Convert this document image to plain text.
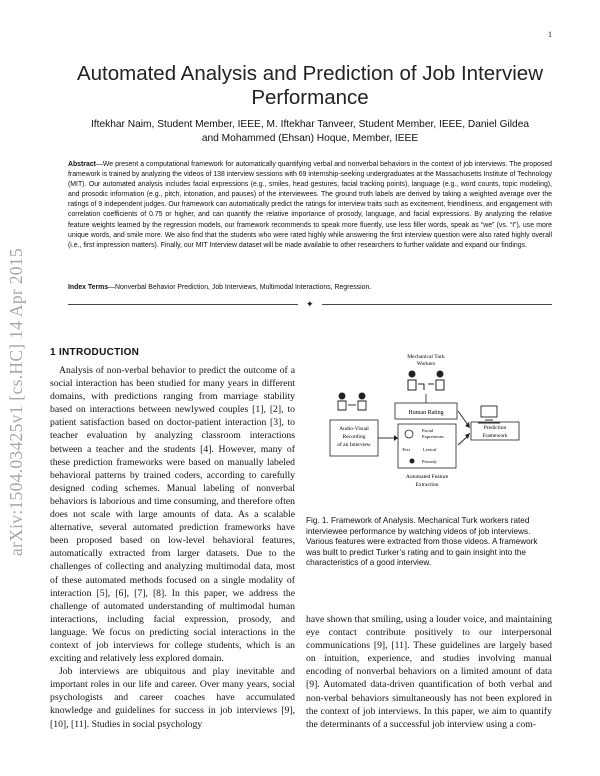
1
arXiv:1504.03425v1 [cs.HC] 14 Apr 2015
Automated Analysis and Prediction of Job Interview Performance
Iftekhar Naim, Student Member, IEEE, M. Iftekhar Tanveer, Student Member, IEEE, Daniel Gildea
and Mohammed (Ehsan) Hoque, Member, IEEE
Abstract—We present a computational framework for automatically quantifying verbal and nonverbal behaviors in the context of job interviews. The proposed framework is trained by analyzing the videos of 138 interview sessions with 69 internship-seeking undergraduates at the Massachusetts Institute of Technology (MIT). Our automated analysis includes facial expressions (e.g., smiles, head gestures, facial tracking points), language (e.g., word counts, topic modeling), and prosodic information (e.g., pitch, intonation, and pauses) of the interviewees. The ground truth labels are derived by taking a weighted average over the ratings of 9 independent judges. Our framework can automatically predict the ratings for interview traits such as excitement, friendliness, and engagement with correlation coefficients of 0.75 or higher, and can quantify the relative importance of prosody, language, and facial expressions. By analyzing the relative feature weights learned by the regression models, our framework recommends to speak more fluently, use less filler words, speak as “we” (vs. “I”), use more unique words, and smile more. We also find that the students who were rated highly while answering the first interview question were also rated highly overall (i.e., first impression matters). Finally, our MIT Interview dataset will be made available to other researchers to further validate and expand our findings.
Index Terms—Nonverbal Behavior Prediction, Job Interviews, Multimodal Interactions, Regression.
✦
1 INTRODUCTION

Analysis of non-verbal behavior to predict the outcome of a social interaction has been studied for many years in different domains, with predictions ranging from marriage stability based on interactions between newlywed couples [1], [2], to patient satisfaction based on doctor-patient interaction [3], to teacher evaluation by analyzing classroom interactions between a teacher and the students [4]. However, many of these prediction frameworks were based on manually labeled behavioral patterns by trained coders, according to carefully designed coding schemes. Manual labeling of nonverbal behaviors is laborious and time consuming, and therefore often does not scale with large amounts of data. As a scalable alternative, several automated prediction frameworks have been proposed based on low-level behavioral features, automatically extracted from larger datasets. Due to the challenges of collecting and analyzing multimodal data, most of these automated methods focused on a single modality of interaction [5], [6], [7], [8]. In this paper, we address the challenge of automated understanding of multimodal human interactions, including facial expression, prosody, and language. We focus on predicting social interactions in the context of job interviews for college students, which is an exciting and relatively less explored domain.

Job interviews are ubiquitous and play inevitable and important roles in our life and career. Over many years, social psychologists and career coaches have accumulated knowledge and guidelines for success in job interviews [9], [10], [11]. Studies in social psychology

Mechanical Turk
Workers
Human Rating
Audio-Visual
Recording
of an Interview
Facial
Expressions
Text	Lexical
Prosody
Automated Feature
Extraction
Prediction
Framework
Fig. 1. Framework of Analysis. Mechanical Turk workers rated interviewee performance by watching videos of job interviews. Various features were extracted from those videos. A framework was built to predict Turker’s rating and to gain insight into the characteristics of a good interview.
have shown that smiling, using a louder voice, and maintaining eye contact contribute positively to our interpersonal communications [9], [11]. These guidelines are largely based on intuition, experience, and studies involving manual encoding of nonverbal behaviors on a limited amount of data [9]. Automated data-driven quantification of both verbal and non-verbal behaviors simultaneously has not been explored in the context of job interviews. In this paper, we aim to quantify the determinants of a successful job interview using a com-
